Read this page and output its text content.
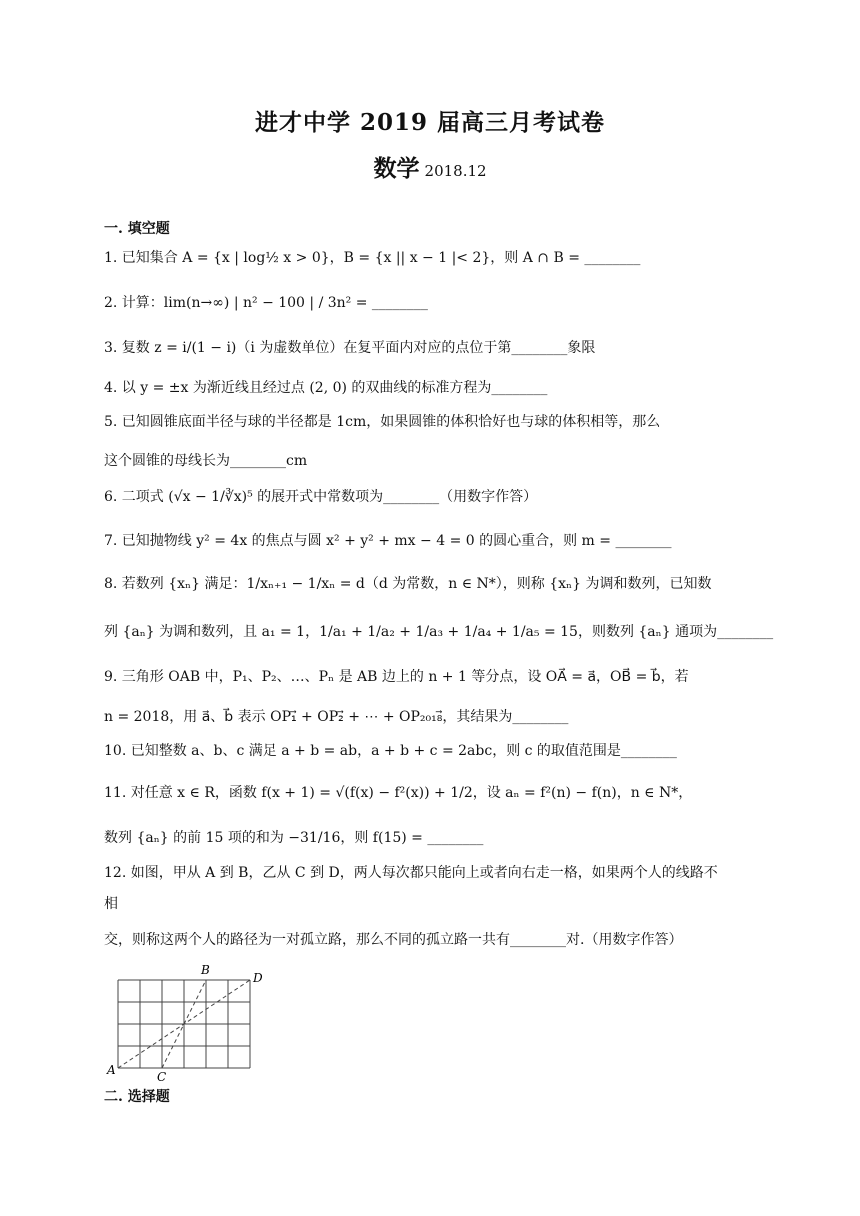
进才中学 2019 届高三月考试卷
数学 2018.12
一. 填空题
1. 已知集合 A = {x | log½ x > 0}，B = {x || x − 1 |< 2}，则 A ∩ B = ________
2. 计算：lim(n→∞) | n² − 100 | / 3n² = ________
3. 复数 z = i/(1 − i)（i 为虚数单位）在复平面内对应的点位于第________象限
4. 以 y = ±x 为渐近线且经过点 (2, 0) 的双曲线的标准方程为________
5. 已知圆锥底面半径与球的半径都是 1cm，如果圆锥的体积恰好也与球的体积相等，那么
这个圆锥的母线长为________cm
6. 二项式 (√x − 1/∛x)⁵ 的展开式中常数项为________（用数字作答）
7. 已知抛物线 y² = 4x 的焦点与圆 x² + y² + mx − 4 = 0 的圆心重合，则 m = ________
8. 若数列 {xₙ} 满足：1/xₙ₊₁ − 1/xₙ = d（d 为常数，n ∈ N*），则称 {xₙ} 为调和数列，已知数
列 {aₙ} 为调和数列，且 a₁ = 1，1/a₁ + 1/a₂ + 1/a₃ + 1/a₄ + 1/a₅ = 15，则数列 {aₙ} 通项为________
9. 三角形 OAB 中，P₁、P₂、…、Pₙ 是 AB 边上的 n + 1 等分点，设 OA⃗ = a⃗，OB⃗ = b⃗，若
n = 2018，用 a⃗、b⃗ 表示 OP₁⃗ + OP₂⃗ + ⋯ + OP₂₀₁₈⃗，其结果为________
10. 已知整数 a、b、c 满足 a + b = ab，a + b + c = 2abc，则 c 的取值范围是________
11. 对任意 x ∈ R，函数 f(x + 1) = √(f(x) − f²(x)) + 1/2，设 aₙ = f²(n) − f(n)，n ∈ N*，
数列 {aₙ} 的前 15 项的和为 −31/16，则 f(15) = ________
12. 如图，甲从 A 到 B，乙从 C 到 D，两人每次都只能向上或者向右走一格，如果两个人的线路不
相
交，则称这两个人的路径为一对孤立路，那么不同的孤立路一共有________对.（用数字作答）
A
B
C
D
二. 选择题
